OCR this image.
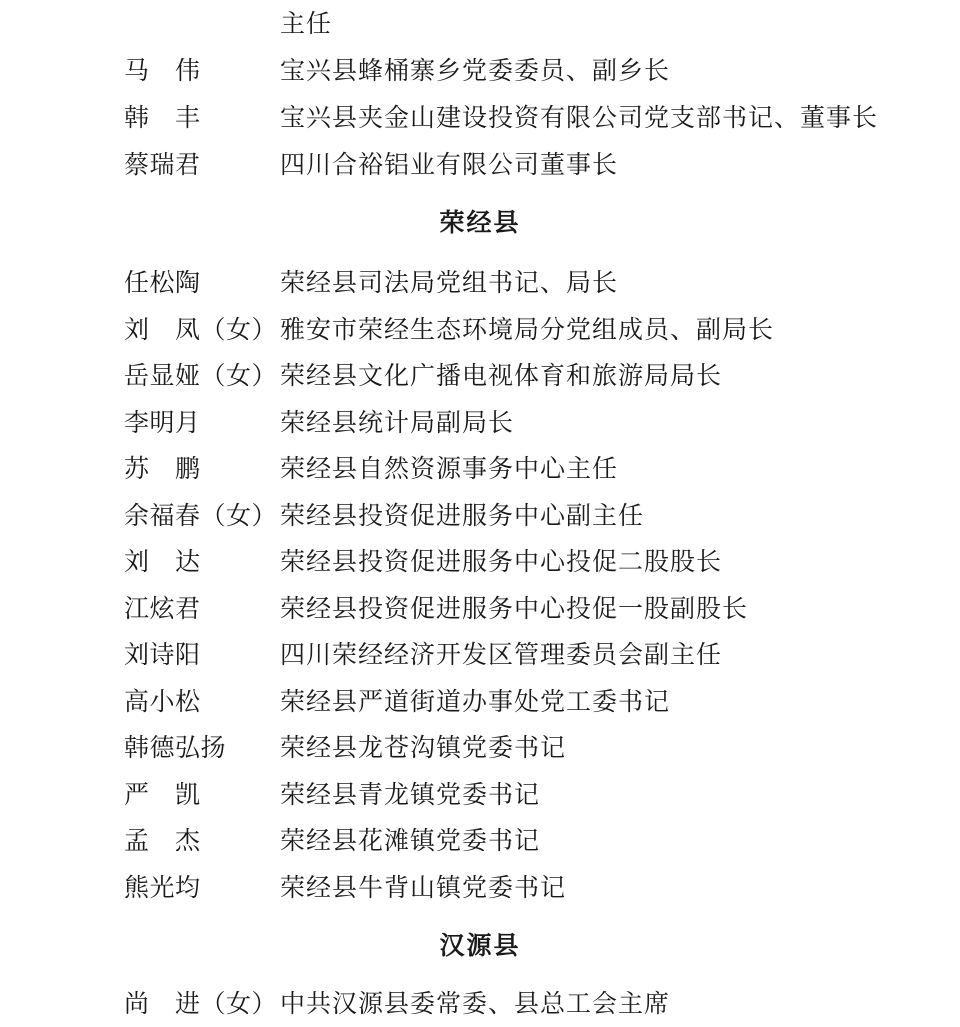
主任
马　伟	宝兴县蜂桶寨乡党委委员、副乡长
韩　丰	宝兴县夹金山建设投资有限公司党支部书记、董事长
蔡瑞君	四川合裕铝业有限公司董事长
荣经县
任松陶	荣经县司法局党组书记、局长
刘　凤（女） 雅安市荣经生态环境局分党组成员、副局长
岳显娅（女） 荣经县文化广播电视体育和旅游局局长
李明月	荣经县统计局副局长
苏　鹏	荣经县自然资源事务中心主任
余福春（女） 荣经县投资促进服务中心副主任
刘　达	荣经县投资促进服务中心投促二股股长
江炫君	荣经县投资促进服务中心投促一股副股长
刘诗阳	四川荣经经济开发区管理委员会副主任
高小松	荣经县严道街道办事处党工委书记
韩德弘扬 荣经县龙苍沟镇党委书记
严　凯	荣经县青龙镇党委书记
孟　杰	荣经县花滩镇党委书记
熊光均	荣经县牛背山镇党委书记
汉源县
尚　进（女） 中共汉源县委常委、县总工会主席
